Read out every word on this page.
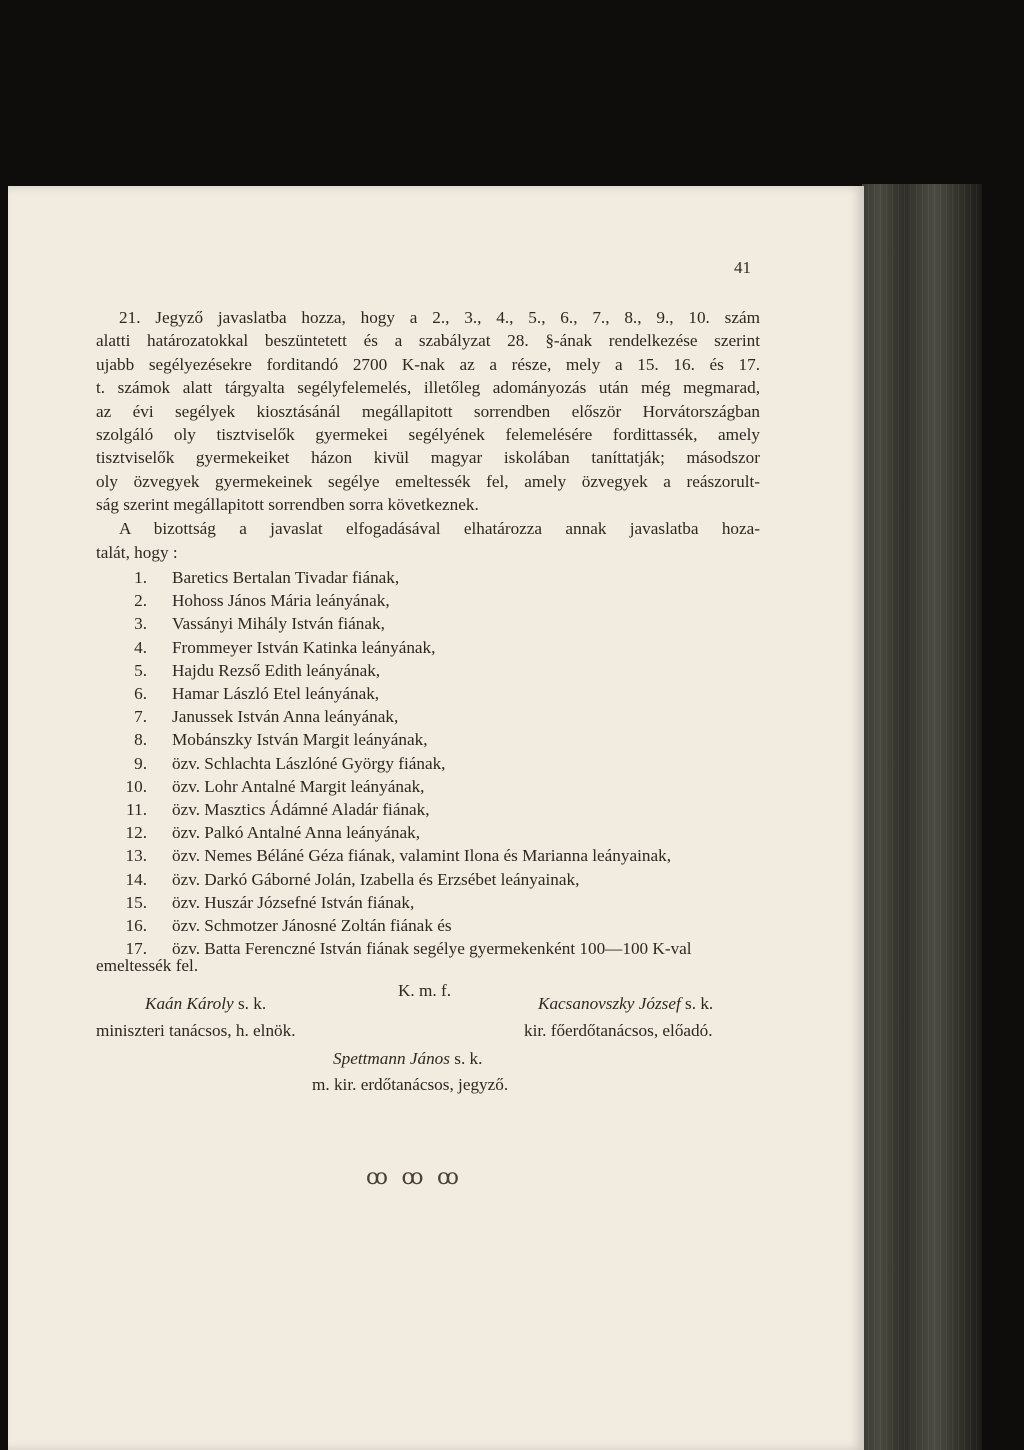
41
21. Jegyző javaslatba hozza, hogy a 2., 3., 4., 5., 6., 7., 8., 9., 10. szám
alatti határozatokkal beszüntetett és a szabályzat 28. §-ának rendelkezése szerint
ujabb segélyezésekre forditandó 2700 K-nak az a része, mely a 15. 16. és 17.
t. számok alatt tárgyalta segélyfelemelés, illetőleg adományozás után még megmarad,
az évi segélyek kiosztásánál megállapitott sorrendben először Horvátországban
szolgáló oly tisztviselők gyermekei segélyének felemelésére fordittassék, amely
tisztviselők gyermekeiket házon kivül magyar iskolában taníttatják; másodszor
oly özvegyek gyermekeinek segélye emeltessék fel, amely özvegyek a reászorult-
ság szerint megállapitott sorrendben sorra következnek.
A bizottság a javaslat elfogadásával elhatározza annak javaslatba hoza-
talát, hogy :
1. Baretics Bertalan Tivadar fiának,
2. Hohoss János Mária leányának,
3. Vassányi Mihály István fiának,
4. Frommeyer István Katinka leányának,
5. Hajdu Rezső Edith leányának,
6. Hamar László Etel leányának,
7. Janussek István Anna leányának,
8. Mobánszky István Margit leányának,
9. özv. Schlachta Lászlóné György fiának,
10. özv. Lohr Antalné Margit leányának,
11. özv. Masztics Ádámné Aladár fiának,
12. özv. Palkó Antalné Anna leányának,
13. özv. Nemes Béláné Géza fiának, valamint Ilona és Marianna leányainak,
14. özv. Darkó Gáborné Jolán, Izabella és Erzsébet leányainak,
15. özv. Huszár Józsefné István fiának,
16. özv. Schmotzer Jánosné Zoltán fiának és
17. özv. Batta Ferenczné István fiának segélye gyermekenként 100—100 K-val
emeltessék fel.
K. m. f.
Kaán Károly s. k.
miniszteri tanácsos, h. elnök.
Kacsanovszky József s. k.
kir. főerdőtanácsos, előadó.
Spettmann János s. k.
m. kir. erdőtanácsos, jegyző.
ꝏ ꝏ ꝏ
